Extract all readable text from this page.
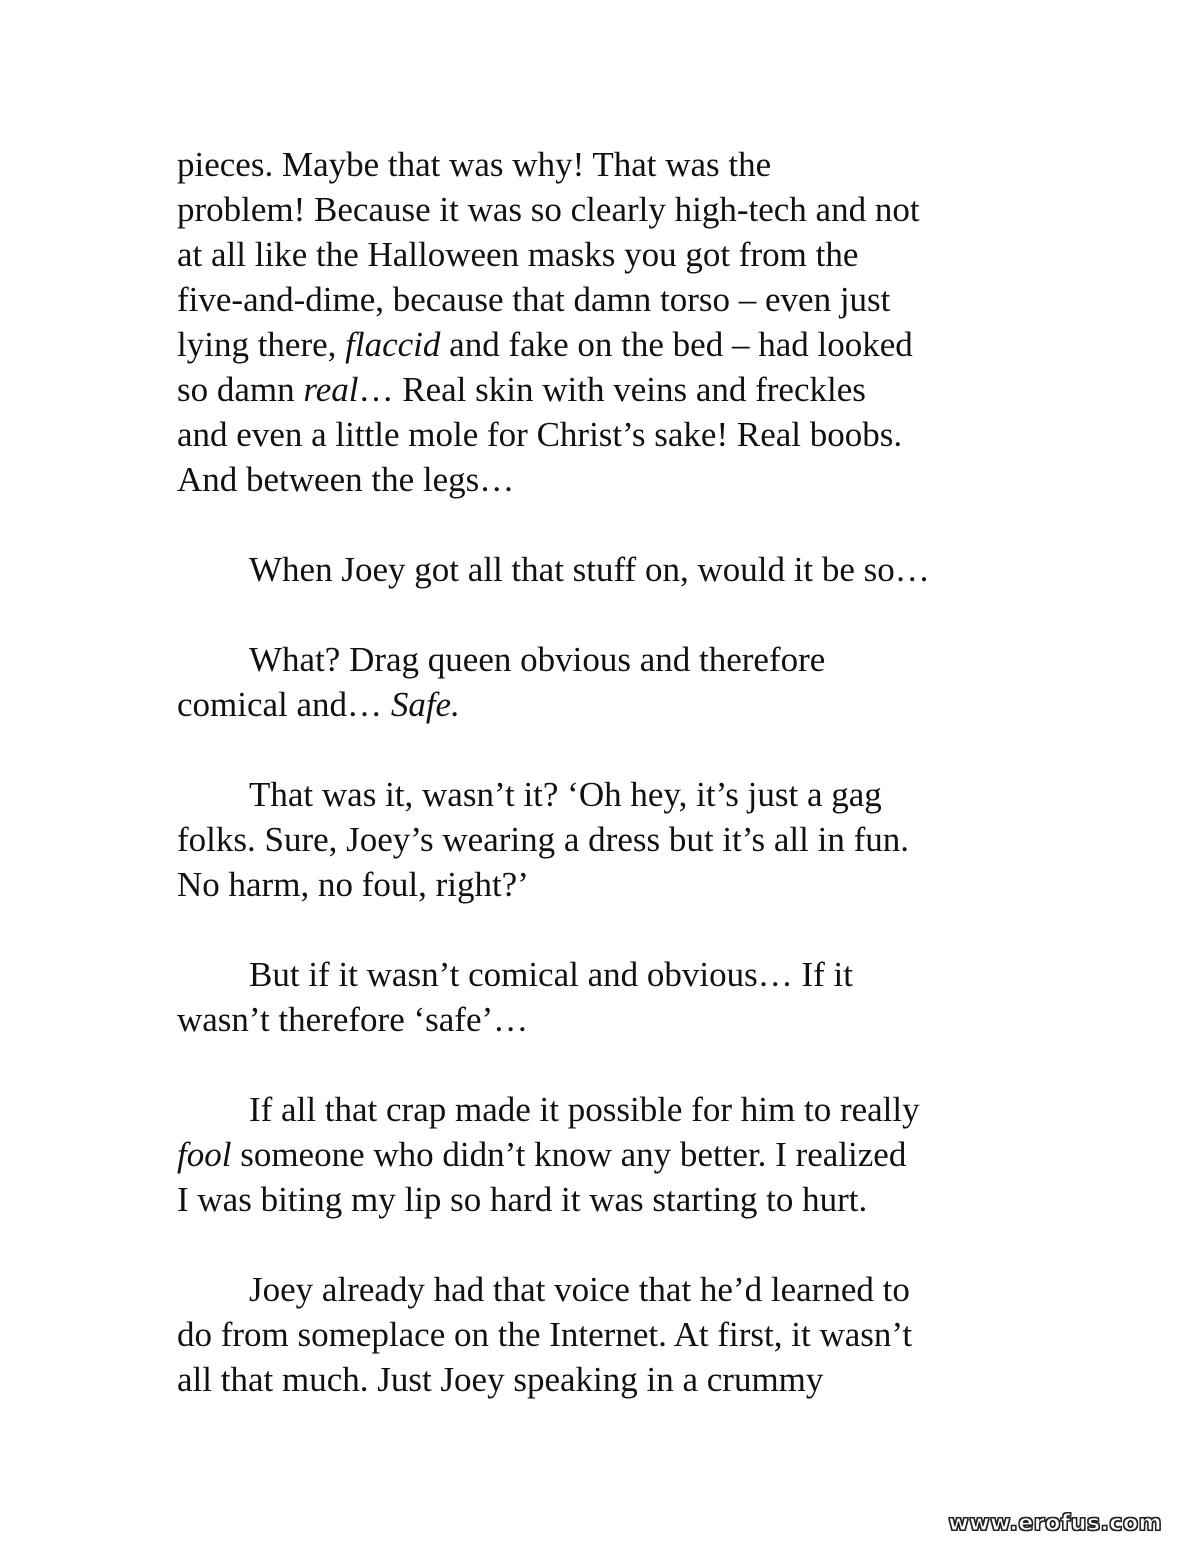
pieces. Maybe that was why! That was the
problem! Because it was so clearly high-tech and not
at all like the Halloween masks you got from the
five-and-dime, because that damn torso – even just
lying there, flaccid and fake on the bed – had looked
so damn real… Real skin with veins and freckles
and even a little mole for Christ’s sake! Real boobs.
And between the legs…

When Joey got all that stuff on, would it be so…

What? Drag queen obvious and therefore
comical and… Safe.

That was it, wasn’t it? ‘Oh hey, it’s just a gag
folks. Sure, Joey’s wearing a dress but it’s all in fun.
No harm, no foul, right?’

But if it wasn’t comical and obvious… If it
wasn’t therefore ‘safe’…

If all that crap made it possible for him to really
fool someone who didn’t know any better. I realized
I was biting my lip so hard it was starting to hurt.

Joey already had that voice that he’d learned to
do from someplace on the Internet. At first, it wasn’t
all that much. Just Joey speaking in a crummy

www.erofus.com
